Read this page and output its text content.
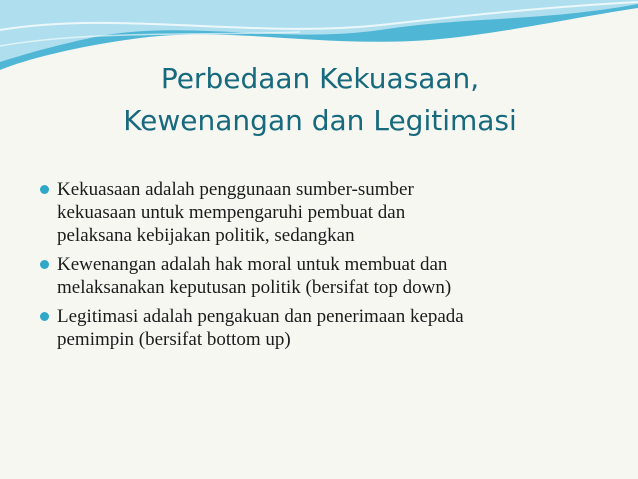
Perbedaan Kekuasaan,
Kewenangan dan Legitimasi
Kekuasaan adalah penggunaan sumber-sumber
kekuasaan untuk mempengaruhi pembuat dan
pelaksana kebijakan politik, sedangkan
Kewenangan adalah hak moral untuk membuat dan
melaksanakan keputusan politik (bersifat top down)
Legitimasi adalah pengakuan dan penerimaan kepada
pemimpin (bersifat bottom up)
